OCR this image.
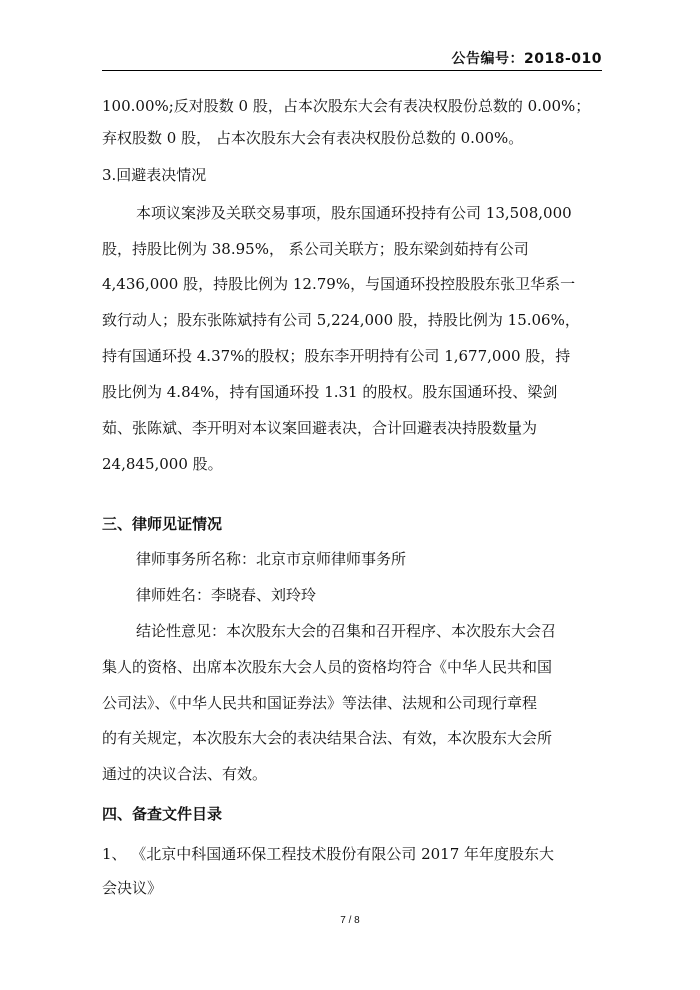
公告编号：2018-010
100.00%;反对股数 0 股，占本次股东大会有表决权股份总数的 0.00%；
弃权股数 0 股， 占本次股东大会有表决权股份总数的 0.00%。
3.回避表决情况
本项议案涉及关联交易事项，股东国通环投持有公司 13,508,000
股，持股比例为 38.95%， 系公司关联方；股东梁剑茹持有公司
4,436,000 股，持股比例为 12.79%，与国通环投控股股东张卫华系一
致行动人；股东张陈斌持有公司 5,224,000 股，持股比例为 15.06%，
持有国通环投 4.37%的股权；股东李开明持有公司 1,677,000 股，持
股比例为 4.84%，持有国通环投 1.31 的股权。股东国通环投、梁剑
茹、张陈斌、李开明对本议案回避表决，合计回避表决持股数量为
24,845,000 股。
三、律师见证情况
律师事务所名称：北京市京师律师事务所
律师姓名：李晓春、刘玲玲
结论性意见：本次股东大会的召集和召开程序、本次股东大会召
集人的资格、出席本次股东大会人员的资格均符合《中华人民共和国
公司法》、《中华人民共和国证券法》等法律、法规和公司现行章程
的有关规定，本次股东大会的表决结果合法、有效，本次股东大会所
通过的决议合法、有效。
四、备查文件目录
1、 《北京中科国通环保工程技术股份有限公司 2017 年年度股东大
会决议》
7 / 8
